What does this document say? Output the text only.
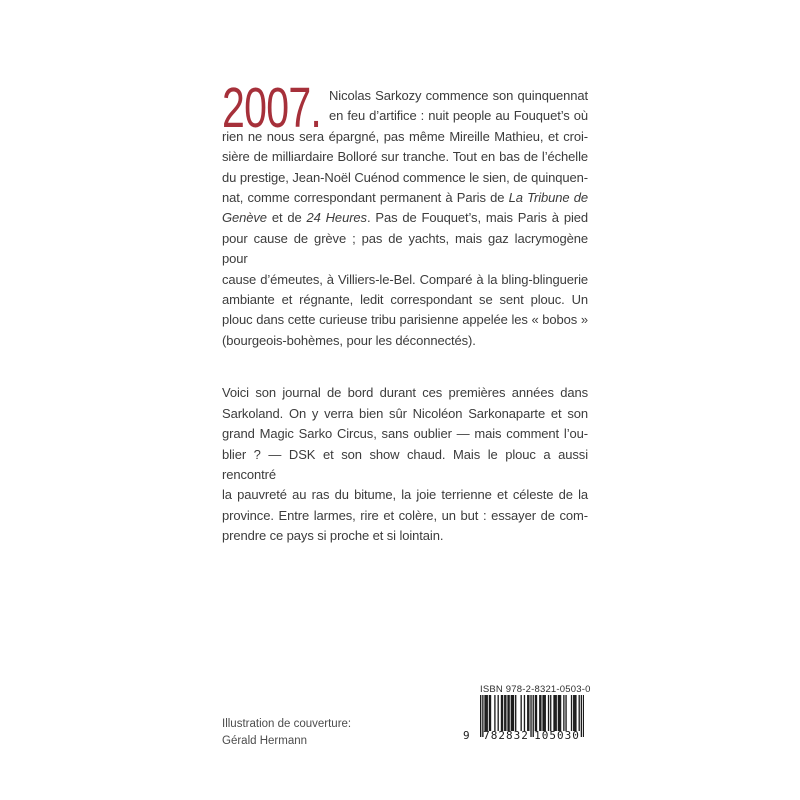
2007. Nicolas Sarkozy commence son quinquennat
en feu d’artifice : nuit people au Fouquet’s où
rien ne nous sera épargné, pas même Mireille Mathieu, et croi-
sière de milliardaire Bolloré sur tranche. Tout en bas de l’échelle
du prestige, Jean-Noël Cuénod commence le sien, de quinquen-
nat, comme correspondant permanent à Paris de La Tribune de
Genève et de 24 Heures. Pas de Fouquet’s, mais Paris à pied
pour cause de grève ; pas de yachts, mais gaz lacrymogène pour
cause d’émeutes, à Villiers-le-Bel. Comparé à la bling-blinguerie
ambiante et régnante, ledit correspondant se sent plouc. Un
plouc dans cette curieuse tribu parisienne appelée les « bobos »
(bourgeois-bohèmes, pour les déconnectés).
Voici son journal de bord durant ces premières années dans
Sarkoland. On y verra bien sûr Nicoléon Sarkonaparte et son
grand Magic Sarko Circus, sans oublier — mais comment l’ou-
blier ? — DSK et son show chaud. Mais le plouc a aussi rencontré
la pauvreté au ras du bitume, la joie terrienne et céleste de la
province. Entre larmes, rire et colère, un but : essayer de com-
prendre ce pays si proche et si lointain.
Illustration de couverture:
Gérald Hermann
ISBN 978-2-8321-0503-0
9 782832 105030
